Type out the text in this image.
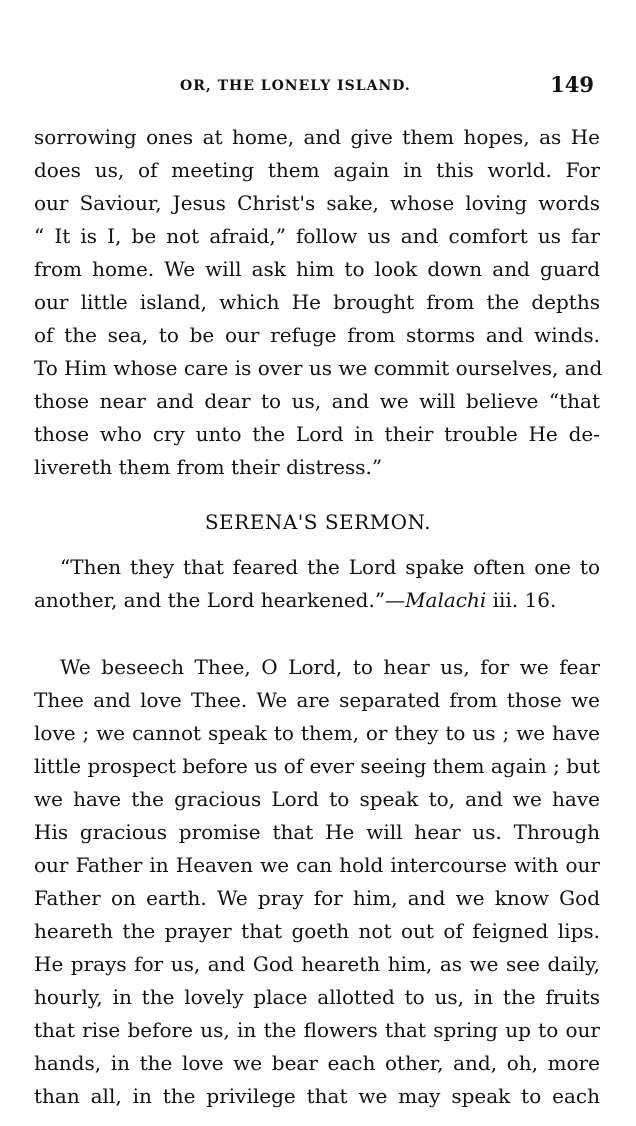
OR, THE LONELY ISLAND.	149
sorrowing ones at home, and give them hopes, as He
does us, of meeting them again in this world. For
our Saviour, Jesus Christ's sake, whose loving words
“ It is I, be not afraid,” follow us and comfort us far
from home. We will ask him to look down and guard
our little island, which He brought from the depths
of the sea, to be our refuge from storms and winds.
To Him whose care is over us we commit ourselves, and
those near and dear to us, and we will believe “that
those who cry unto the Lord in their trouble He de-
livereth them from their distress.”
SERENA'S SERMON.
“Then they that feared the Lord spake often one to
another, and the Lord hearkened.”—Malachi iii. 16.
We beseech Thee, O Lord, to hear us, for we fear
Thee and love Thee. We are separated from those we
love ; we cannot speak to them, or they to us ; we have
little prospect before us of ever seeing them again ; but
we have the gracious Lord to speak to, and we have
His gracious promise that He will hear us. Through
our Father in Heaven we can hold intercourse with our
Father on earth. We pray for him, and we know God
heareth the prayer that goeth not out of feigned lips.
He prays for us, and God heareth him, as we see daily,
hourly, in the lovely place allotted to us, in the fruits
that rise before us, in the flowers that spring up to our
hands, in the love we bear each other, and, oh, more
than all, in the privilege that we may speak to each
